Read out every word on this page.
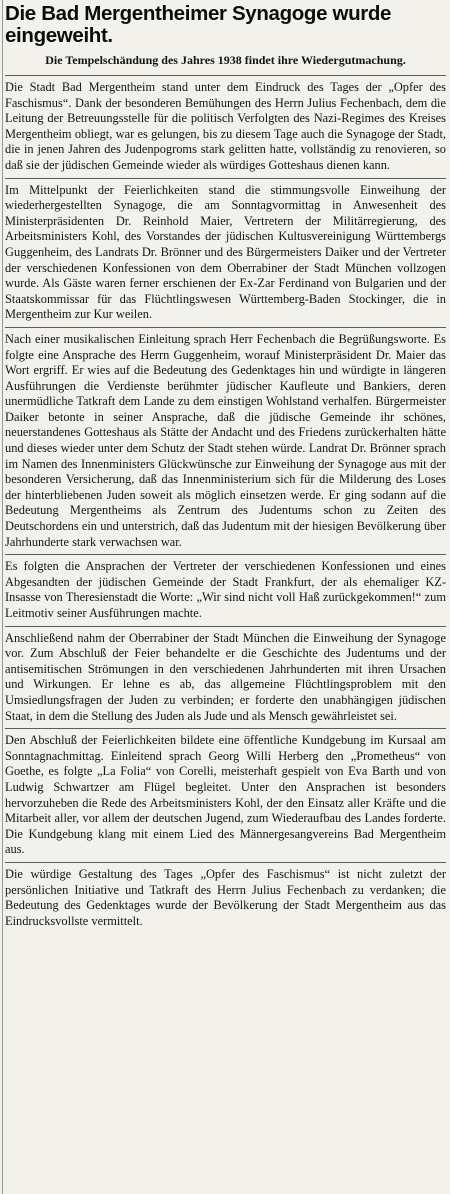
Die Bad Mergentheimer Synagoge wurde eingeweiht.
Die Tempelschändung des Jahres 1938 findet ihre Wiedergutmachung.

Die Stadt Bad Mergentheim stand unter dem Eindruck des Tages der „Opfer des Faschismus“. Dank der besonderen Bemühungen des Herrn Julius Fechenbach, dem die Leitung der Betreuungsstelle für die politisch Verfolgten des Nazi-Regimes des Kreises Mergentheim obliegt, war es gelungen, bis zu diesem Tage auch die Synagoge der Stadt, die in jenen Jahren des Judenpogroms stark gelitten hatte, vollständig zu renovieren, so daß sie der jüdischen Gemeinde wieder als würdiges Gotteshaus dienen kann.

Im Mittelpunkt der Feierlichkeiten stand die stimmungsvolle Einweihung der wiederhergestellten Synagoge, die am Sonntagvormittag in Anwesenheit des Ministerpräsidenten Dr. Reinhold Maier, Vertretern der Militärregierung, des Arbeitsministers Kohl, des Vorstandes der jüdischen Kultusvereinigung Württembergs Guggenheim, des Landrats Dr. Brönner und des Bürgermeisters Daiker und der Vertreter der verschiedenen Konfessionen von dem Oberrabiner der Stadt München vollzogen wurde. Als Gäste waren ferner erschienen der Ex-Zar Ferdinand von Bulgarien und der Staatskommissar für das Flüchtlingswesen Württemberg-Baden Stockinger, die in Mergentheim zur Kur weilen.

Nach einer musikalischen Einleitung sprach Herr Fechenbach die Begrüßungsworte. Es folgte eine Ansprache des Herrn Guggenheim, worauf Ministerpräsident Dr. Maier das Wort ergriff. Er wies auf die Bedeutung des Gedenktages hin und würdigte in längeren Ausführungen die Verdienste berühmter jüdischer Kaufleute und Bankiers, deren unermüdliche Tatkraft dem Lande zu dem einstigen Wohlstand verhalfen. Bürgermeister Daiker betonte in seiner Ansprache, daß die jüdische Gemeinde ihr schönes, neuerstandenes Gotteshaus als Stätte der Andacht und des Friedens zurückerhalten hätte und dieses wieder unter dem Schutz der Stadt stehen würde. Landrat Dr. Brönner sprach im Namen des Innenministers Glückwünsche zur Einweihung der Synagoge aus mit der besonderen Versicherung, daß das Innenministerium sich für die Milderung des Loses der hinterbliebenen Juden soweit als möglich einsetzen werde. Er ging sodann auf die Bedeutung Mergentheims als Zentrum des Judentums schon zu Zeiten des Deutschordens ein und unterstrich, daß das Judentum mit der hiesigen Bevölkerung über Jahrhunderte stark verwachsen war.

Es folgten die Ansprachen der Vertreter der verschiedenen Konfessionen und eines Abgesandten der jüdischen Gemeinde der Stadt Frankfurt, der als ehemaliger KZ-Insasse von Theresienstadt die Worte: „Wir sind nicht voll Haß zurückgekommen!“ zum Leitmotiv seiner Ausführungen machte.

Anschließend nahm der Oberrabiner der Stadt München die Einweihung der Synagoge vor. Zum Abschluß der Feier behandelte er die Geschichte des Judentums und der antisemitischen Strömungen in den verschiedenen Jahrhunderten mit ihren Ursachen und Wirkungen. Er lehne es ab, das allgemeine Flüchtlingsproblem mit den Umsiedlungsfragen der Juden zu verbinden; er forderte den unabhängigen jüdischen Staat, in dem die Stellung des Juden als Jude und als Mensch gewährleistet sei.

Den Abschluß der Feierlichkeiten bildete eine öffentliche Kundgebung im Kursaal am Sonntagnachmittag. Einleitend sprach Georg Willi Herberg den „Prometheus“ von Goethe, es folgte „La Folia“ von Corelli, meisterhaft gespielt von Eva Barth und von Ludwig Schwartzer am Flügel begleitet. Unter den Ansprachen ist besonders hervorzuheben die Rede des Arbeitsministers Kohl, der den Einsatz aller Kräfte und die Mitarbeit aller, vor allem der deutschen Jugend, zum Wiederaufbau des Landes forderte. Die Kundgebung klang mit einem Lied des Männergesangvereins Bad Mergentheim aus.

Die würdige Gestaltung des Tages „Opfer des Faschismus“ ist nicht zuletzt der persönlichen Initiative und Tatkraft des Herrn Julius Fechenbach zu verdanken; die Bedeutung des Gedenktages wurde der Bevölkerung der Stadt Mergentheim aus das Eindrucksvollste vermittelt.
